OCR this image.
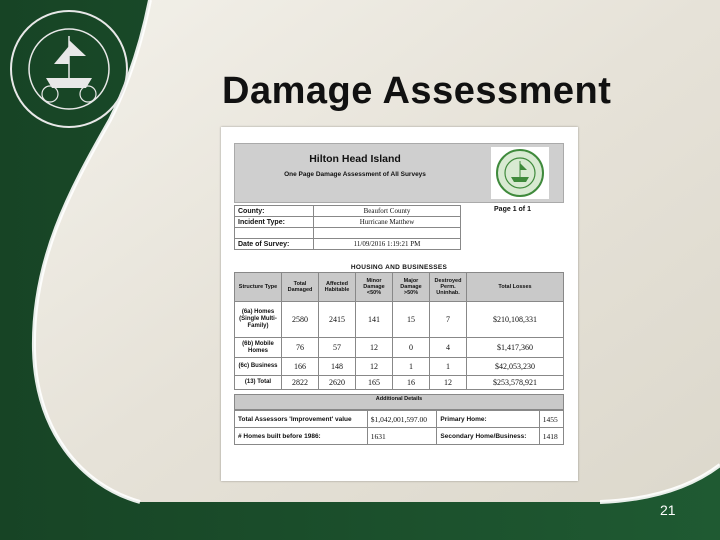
Damage Assessment
Hilton Head Island
One Page Damage Assessment of All Surveys
County:	Beaufort County	Page 1 of 1
Incident Type:	Hurricane Matthew	

Date of Survey:	11/09/2016 1:19:21 PM	
HOUSING AND BUSINESSES
Structure Type	Total Damaged	Affected Habitable	Minor Damage <50%	Major Damage >50%	Destroyed Perm. Uninhab.	Total Losses
(6a) Homes (Single Multi-Family)	2580	2415	141	15	7	$210,108,331
(6b) Mobile Homes	76	57	12	0	4	$1,417,360
(6c) Business	166	148	12	1	1	$42,053,230
(13) Total	2822	2620	165	16	12	$253,578,921
Additional Details
Total Assessors 'Improvement' value	$1,042,001,597.00	Primary Home:	1455
# Homes built before 1986:	1631	Secondary Home/Business:	1418
21
